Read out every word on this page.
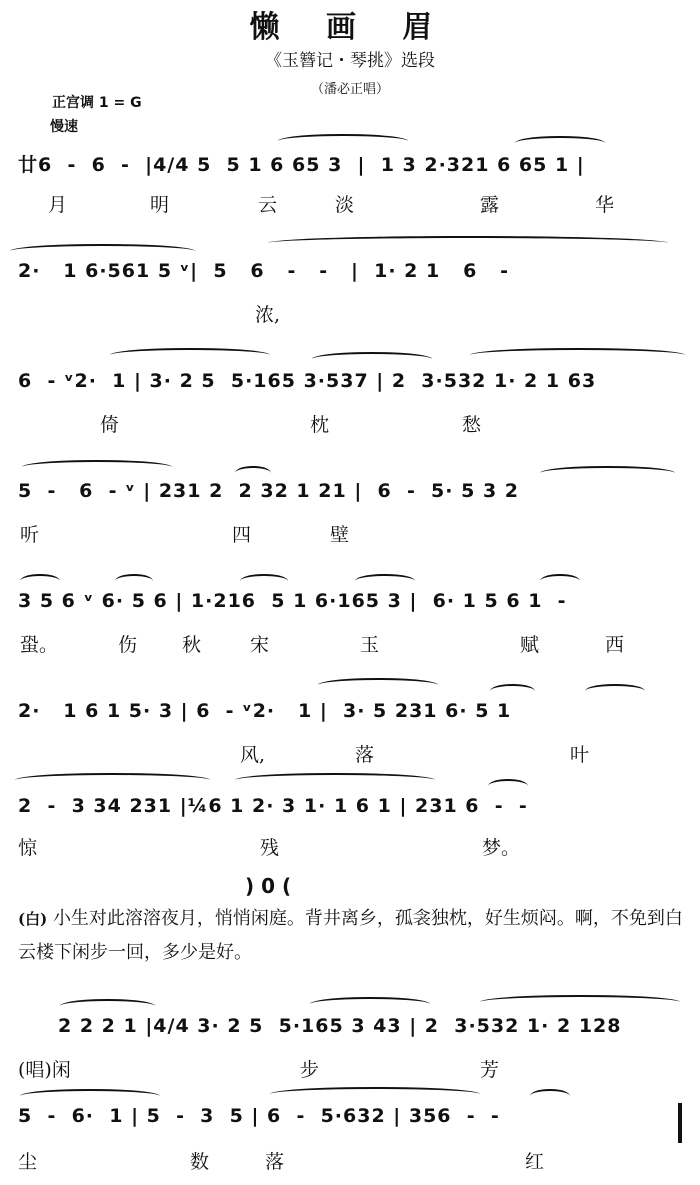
懒 画 眉
《玉簪记・琴挑》选段
（潘必正唱）
正宫调 1 = G
慢速
廿6  -  6  -  |4/4 5  5 1 6 65 3  |  1 3 2·321 6 65 1 |
月	明	云	淡	露	华
2·   1 6·561 5 ᵛ|  5   6   -   -   |  1· 2 1   6   -
浓,
6  - ᵛ2·  1 | 3· 2 5  5·165 3·537 | 2  3·532 1· 2 1 63
倚	枕	愁
5  -   6  - ᵛ | 231 2  2 32 1 21 |  6  -  5· 5 3 2
听	四	壁
3 5 6 ᵛ 6· 5 6 | 1·216  5 1 6·165 3 |  6· 1 5 6 1  -
蛩。	伤 秋	宋	玉	赋	西
2·   1 6 1 5· 3 | 6  - ᵛ2·   1 |  3· 5 231 6· 5 1
风,	落	叶
2  -  3 34 231 |¼6 1 2· 3 1· 1 6 1 | 231 6  -  -
惊	残	梦。
) 0 (
(白) 小生对此溶溶夜月，悄悄闲庭。背井离乡，孤衾独枕，好生烦闷。啊，不免到白云楼下闲步一回，多少是好。
2 2 2 1 |4/4 3· 2 5  5·165 3 43 | 2  3·532 1· 2 128
(唱)闲	步	芳
5  -  6·  1 | 5  -  3  5 | 6  -  5·632 | 356  -  -
尘	数	落	红
